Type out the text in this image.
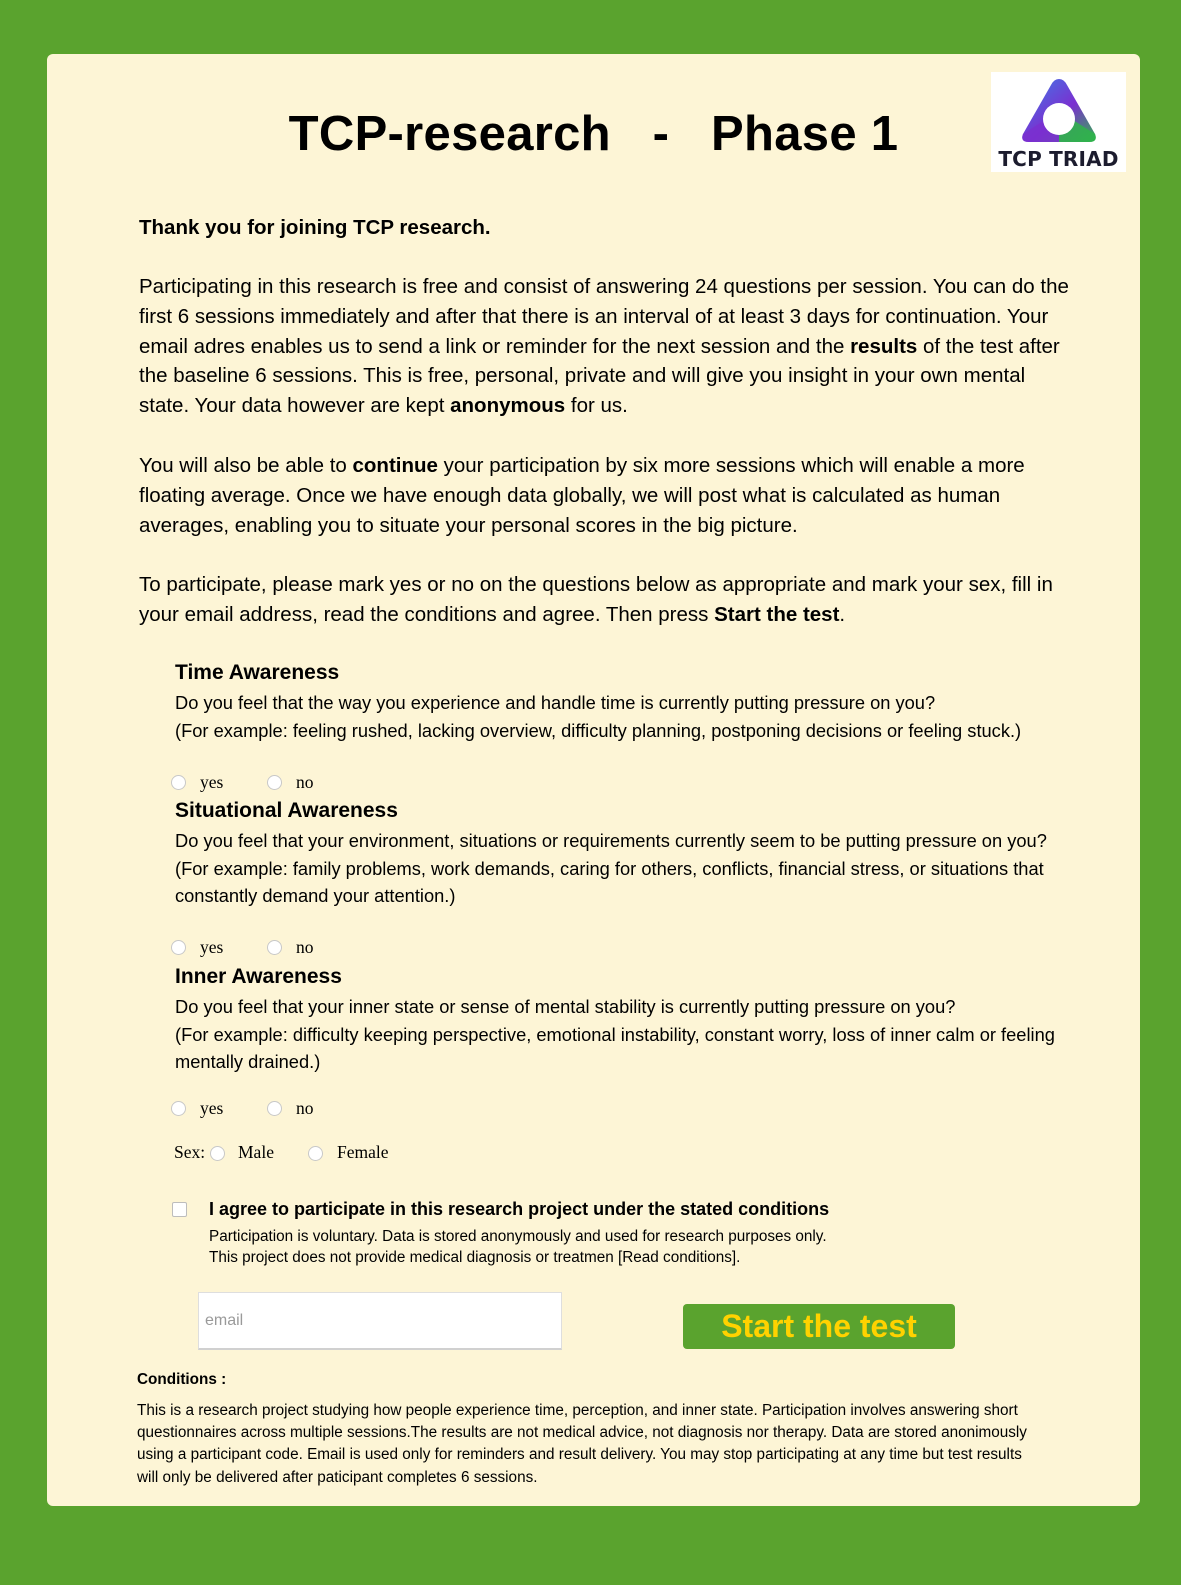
TCP TRIAD
TCP-research   -   Phase 1
Thank you for joining TCP research.
Participating in this research is free and consist of answering 24 questions per session. You can do the first 6 sessions immediately and after that there is an interval of at least 3 days for continuation. Your email adres enables us to send a link or reminder for the next session and the results of the test after the baseline 6 sessions. This is free, personal, private and will give you insight in your own mental state. Your data however are kept anonymous for us.
You will also be able to continue your participation by six more sessions which will enable a more floating average. Once we have enough data globally, we will post what is calculated as human averages, enabling you to situate your personal scores in the big picture.
To participate, please mark yes or no on the questions below as appropriate and mark your sex, fill in your email address, read the conditions and agree. Then press Start the test.
Time Awareness
Do you feel that the way you experience and handle time is currently putting pressure on you?
(For example: feeling rushed, lacking overview, difficulty planning, postponing decisions or feeling stuck.)
yes	no
Situational Awareness
Do you feel that your environment, situations or requirements currently seem to be putting pressure on you?
(For example: family problems, work demands, caring for others, conflicts, financial stress, or situations that constantly demand your attention.)
yes	no
Inner Awareness
Do you feel that your inner state or sense of mental stability is currently putting pressure on you?
(For example: difficulty keeping perspective, emotional instability, constant worry, loss of inner calm or feeling mentally drained.)
yes	no
Sex: Male	Female
I agree to participate in this research project under the stated conditions
Participation is voluntary. Data is stored anonymously and used for research purposes only.
This project does not provide medical diagnosis or treatmen [Read conditions].
email
Start the test
Conditions :
This is a research project studying how people experience time, perception, and inner state. Participation involves answering short questionnaires across multiple sessions.The results are not medical advice, not diagnosis nor therapy. Data are stored anonimously using a participant code. Email is used only for reminders and result delivery. You may stop participating at any time but test results will only be delivered after paticipant completes 6 sessions.
